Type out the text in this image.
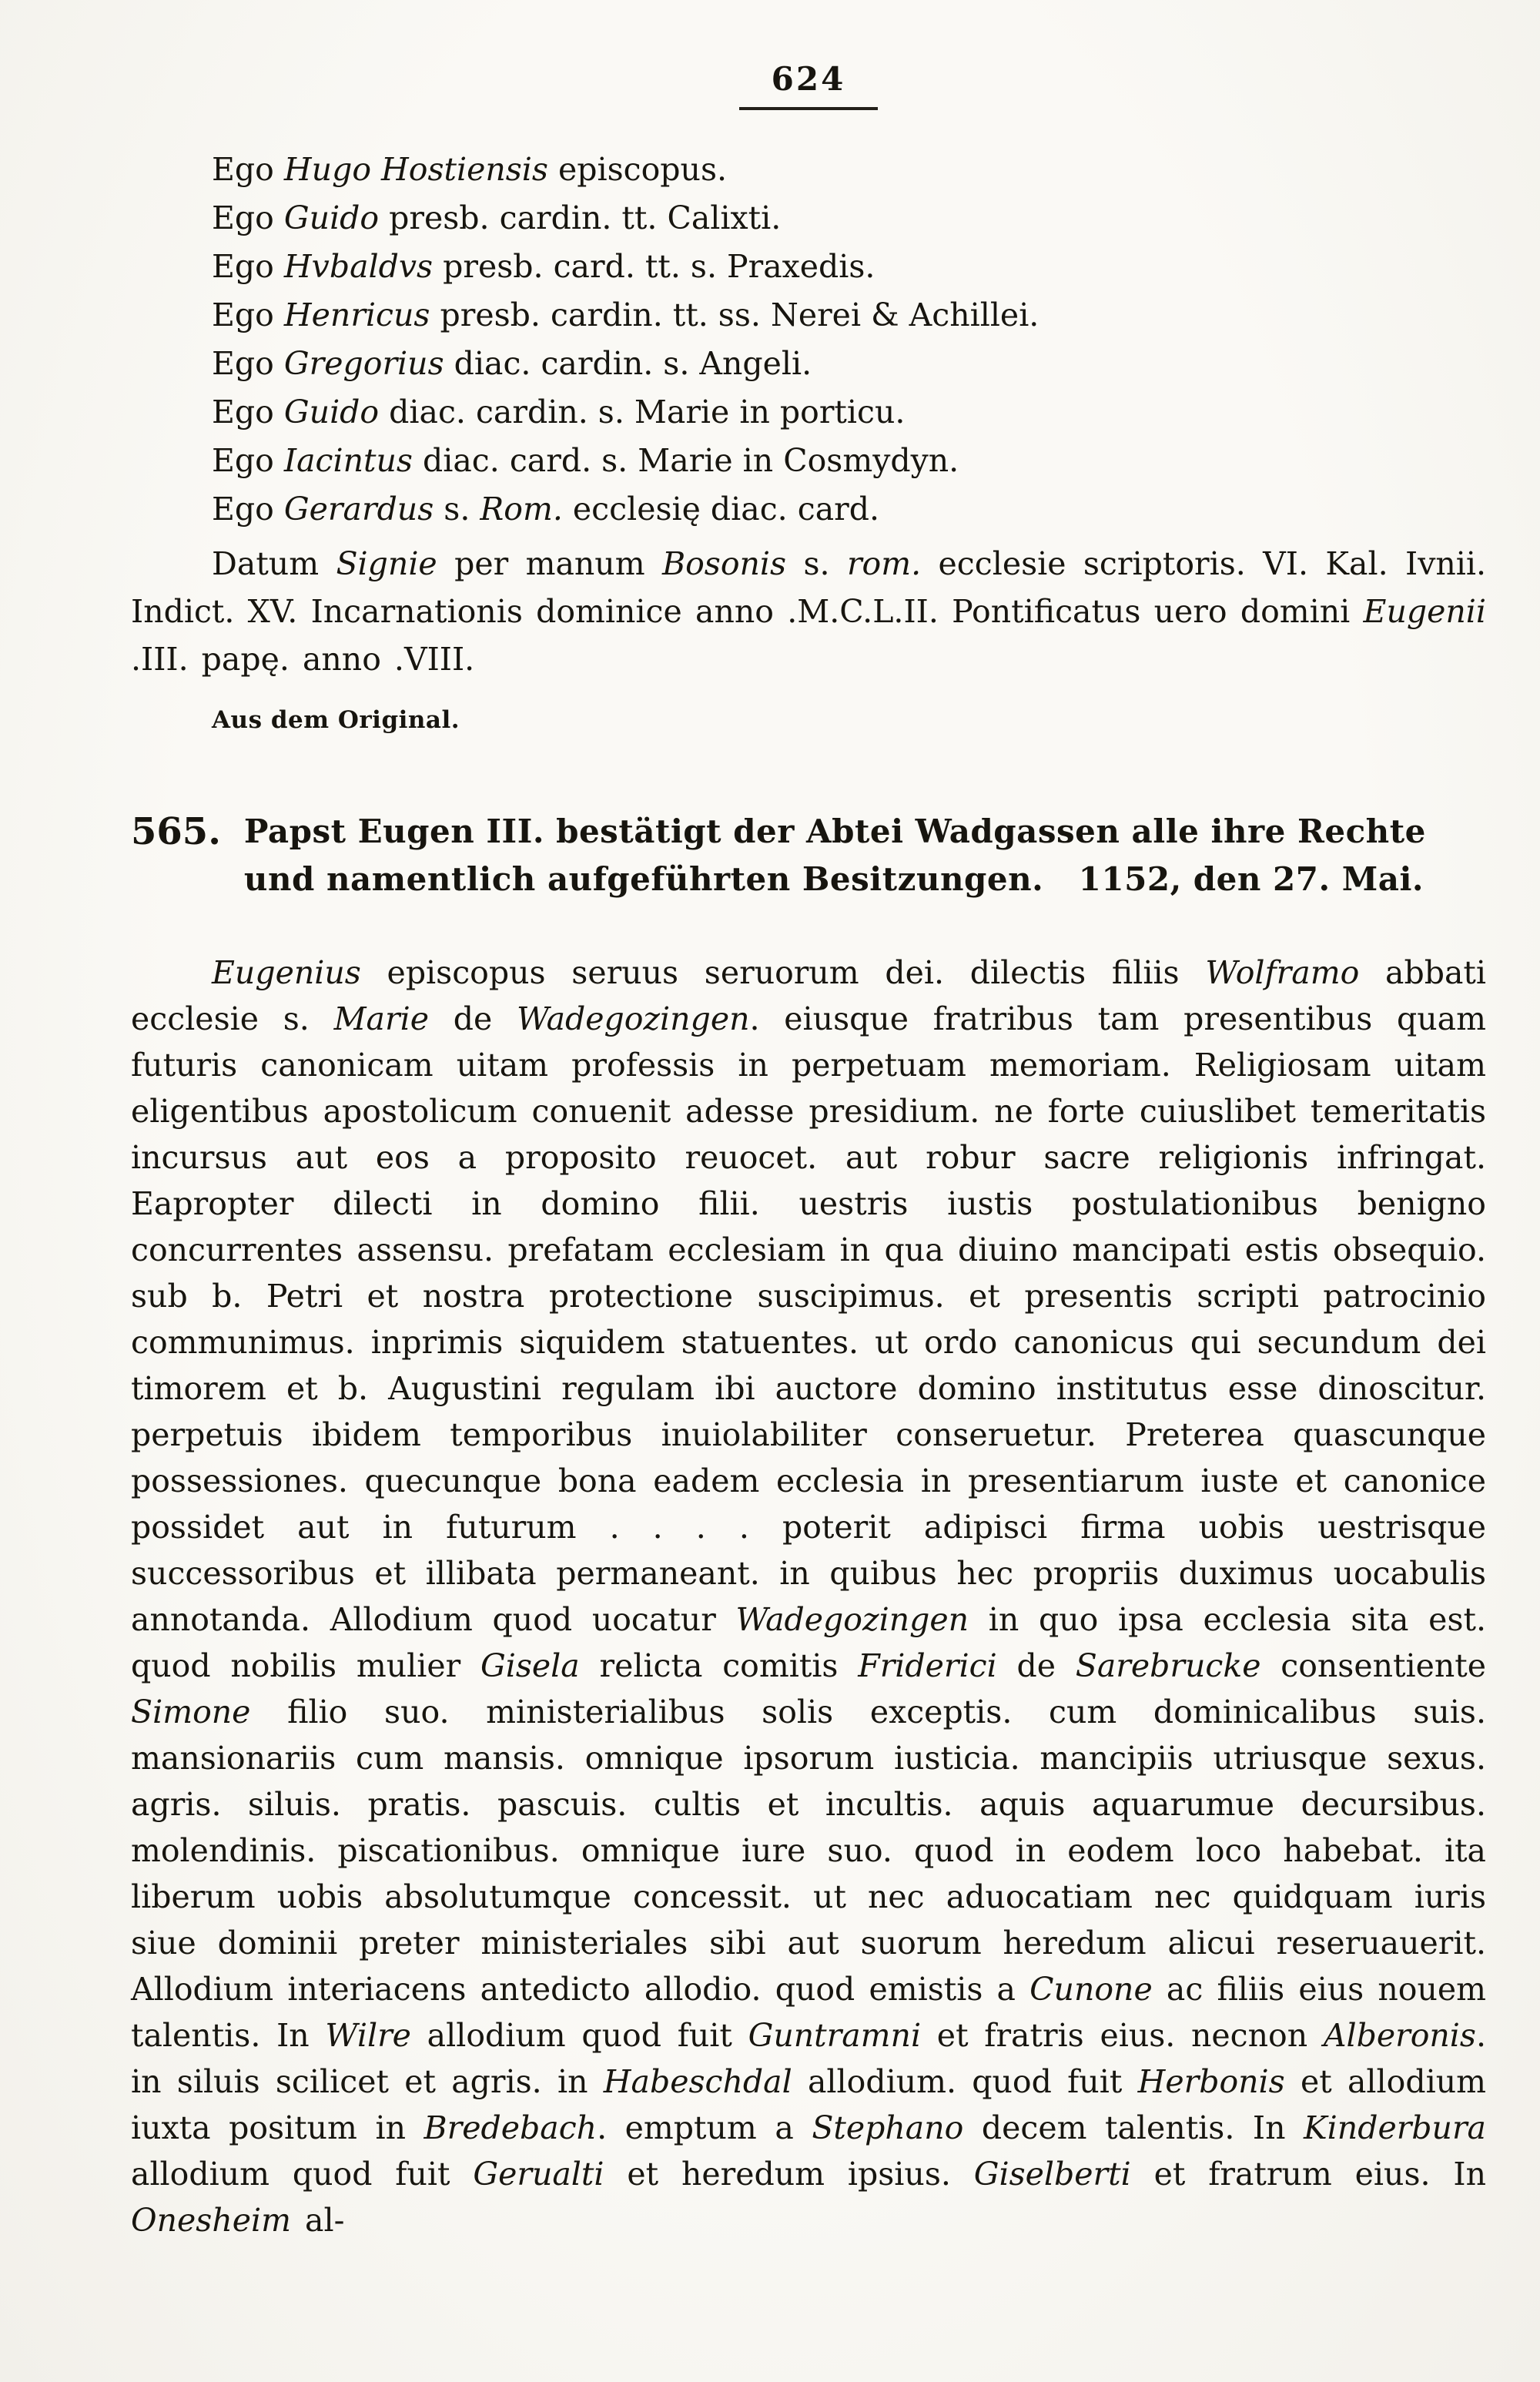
624
Ego Hugo Hostiensis episcopus.
Ego Guido presb. cardin. tt. Calixti.
Ego Hvbaldvs presb. card. tt. s. Praxedis.
Ego Henricus presb. cardin. tt. ss. Nerei & Achillei.
Ego Gregorius diac. cardin. s. Angeli.
Ego Guido diac. cardin. s. Marie in porticu.
Ego Iacintus diac. card. s. Marie in Cosmydyn.
Ego Gerardus s. Rom. ecclesię diac. card.

Datum Signie per manum Bosonis s. rom. ecclesie scriptoris. VI. Kal. Ivnii. Indict. XV. Incarnationis dominice anno .M.C.L.II. Pontificatus uero domini Eugenii .III. papę. anno .VIII.

Aus dem Original.
565. Papst Eugen III. bestätigt der Abtei Wadgassen alle ihre Rechte
und namentlich aufgeführten Besitzungen.   1152, den 27. Mai.

Eugenius episcopus seruus seruorum dei. dilectis filiis Wolframo abbati ecclesie s. Marie de Wadegozingen. eiusque fratribus tam presentibus quam futuris canonicam uitam professis in perpetuam memoriam. Religiosam uitam eligentibus apostolicum conuenit adesse presidium. ne forte cuiuslibet temeritatis incursus aut eos a proposito reuocet. aut robur sacre religionis infringat. Eapropter dilecti in domino filii. uestris iustis postulationibus benigno concurrentes assensu. prefatam ecclesiam in qua diuino mancipati estis obsequio. sub b. Petri et nostra protectione suscipimus. et presentis scripti patrocinio communimus. inprimis siquidem statuentes. ut ordo canonicus qui secundum dei timorem et b. Augustini regulam ibi auctore domino institutus esse dinoscitur. perpetuis ibidem temporibus inuiolabiliter conseruetur. Preterea quascunque possessiones. quecunque bona eadem ecclesia in presentiarum iuste et canonice possidet aut in futurum . . . . poterit adipisci firma uobis uestrisque successoribus et illibata permaneant. in quibus hec propriis duximus uocabulis annotanda. Allodium quod uocatur Wadegozingen in quo ipsa ecclesia sita est. quod nobilis mulier Gisela relicta comitis Friderici de Sarebrucke consentiente Simone filio suo. ministerialibus solis exceptis. cum dominicalibus suis. mansionariis cum mansis. omnique ipsorum iusticia. mancipiis utriusque sexus. agris. siluis. pratis. pascuis. cultis et incultis. aquis aquarumue decursibus. molendinis. piscationibus. omnique iure suo. quod in eodem loco habebat. ita liberum uobis absolutumque concessit. ut nec aduocatiam nec quidquam iuris siue dominii preter ministeriales sibi aut suorum heredum alicui reseruauerit. Allodium interiacens antedicto allodio. quod emistis a Cunone ac filiis eius nouem talentis. In Wilre allodium quod fuit Guntramni et fratris eius. necnon Alberonis. in siluis scilicet et agris. in Habeschdal allodium. quod fuit Herbonis et allodium iuxta positum in Bredebach. emptum a Stephano decem talentis. In Kinderbura allodium quod fuit Gerualti et heredum ipsius. Giselberti et fratrum eius. In Onesheim al-
